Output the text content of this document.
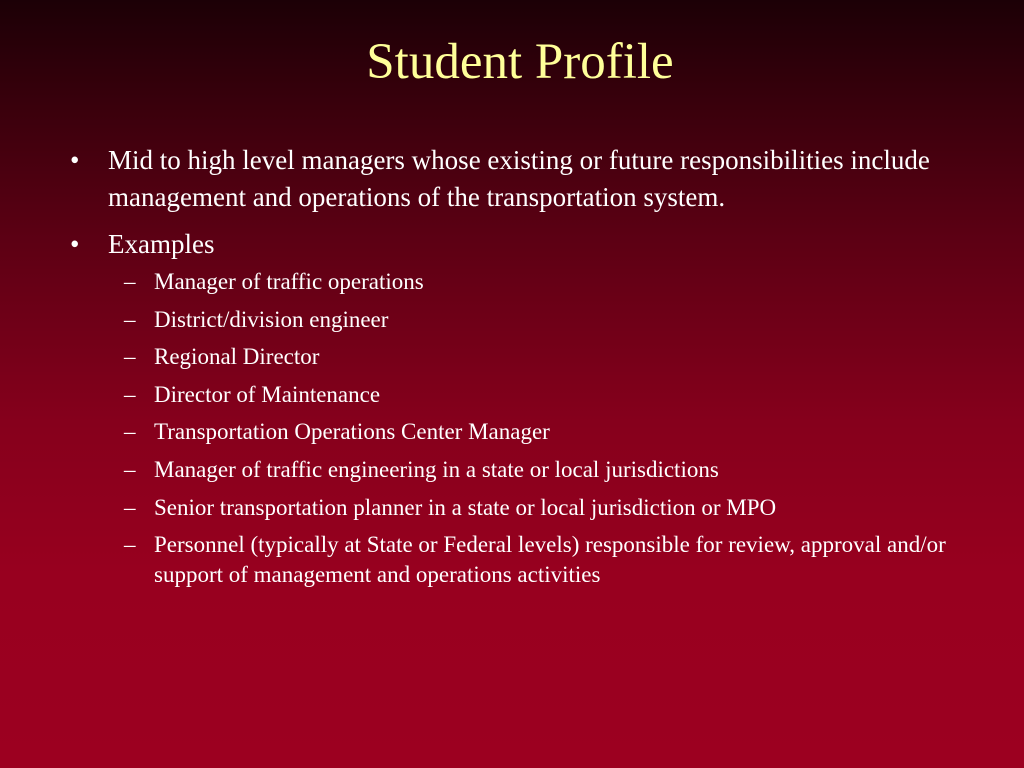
Student Profile
• Mid to high level managers whose existing or future responsibilities include management and operations of the transportation system.
• Examples
– Manager of traffic operations
– District/division engineer
– Regional Director
– Director of Maintenance
– Transportation Operations Center Manager
– Manager of traffic engineering in a state or local jurisdictions
– Senior transportation planner in a state or local jurisdiction or MPO
– Personnel (typically at State or Federal levels) responsible for review, approval and/or support of management and operations activities
